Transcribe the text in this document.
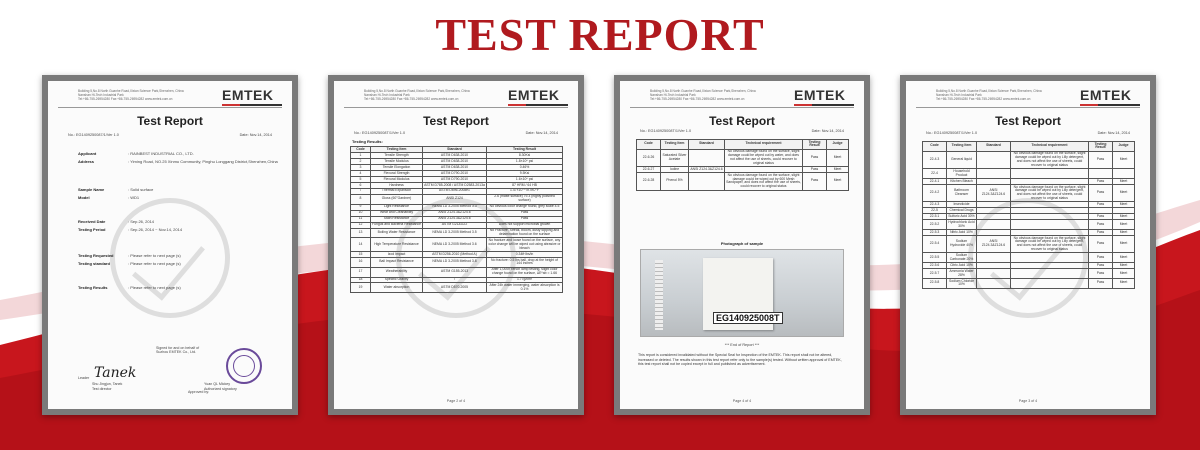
TEST REPORT
Building 5,No.8 North Guanhe Road,Xixian Science Park,Shenzhen, China
Nanshan Hi-Tech Industrial Park
Tel:+86-755-26954280 Fax:+86-755-26954282 www.emtek.com.cn	EMTEK
Test Report
No.: EG1409250087/1/Ver 1.0	Date: Nov.14, 2014
Applicant	: RAINBEST INDUSTRIAL CO., LTD.
Address	: Yiming Road, NO.25 Xinmu Community, Pinghu Longgang District,Shenzhen,China
Sample Name	: Solid surface
Model	: WD1
Received Date	: Sep.26, 2014
Testing Period	: Sep.26, 2014 ~ Nov.14, 2014
Testing Requested	: Please refer to next page (s)
Testing standard	: Please refer to next page (s)
Testing Results	: Please refer to next page (s)
Signed for and on behalf of
Suzhou EMTEK Co., Ltd.
Leader Tanek
Shu Jingjun, Tanek
Test director
Approved by:
Yuan QL Mickey
Authorized signatory
Building 5,No.8 North Guanhe Road,Xixian Science Park,Shenzhen, China
Nanshan Hi-Tech Industrial Park
Tel:+86-755-26954280 Fax:+86-755-26954282 www.emtek.com.cn	EMTEK
Test Report
No.: EG140925008T/1/Ver 1.0	Date: Nov.14, 2014
Testing Results:
Code	Testing Item	Standard	Testing Result
1	Tensile Strength	ASTM D638-2010	8.30Ksi
2	Tensile Modulus	ASTM D638-2010	1.8×10⁶ psi
3	Tensile Elongation	ASTM D638-2010	0.46%
4	Flexural Strength	ASTM D790-2010	9.5Ksi
5	Flexural Modulus	ASTM D790-2010	1.6×10⁶ psi
6	Hardness	ASTM D785-2008 / ASTM D2583-2013a	87 HRM / 64 HB
7	Thermal Expansion	ASTM D696-2008e1	1.47×10⁻⁵ in./in./°F
8	Gloss (60°Gardner)	ANSI Z124	2.6 (matte surface) 79.3 (highly polished surface)
9	Light Resistance	NEMA LD 3-2005 Method 3.3	No obvious color change found, grey scale 4.5
10	Wear and Cleanability	ANSI Z124.3&Z124.6	Pass
11	Stain Resistance	ANSI Z124.3&Z124.6	Pass
12	Fungus and Bacteria Resistance	ASTM G21&G22	Does not support microbial growth
13	Boiling Water Resistance	NEMA LD 3-2005 Method 3.5	No Fracture, Streak, bloom, dusty topping and delamination found on the surface
14	High Temperature Resistance	NEMA LD 3-2005 Method 3.6	No fracture and loose found on the surface, any color change will be wiped out using abrasive or bleach
15	Izod Impact	ASTM D256-2010 (Method A)	0.34ft·lbs/in
16	Ball Impact Resistance	NEMA LD 3-2005 Method 3.8	No fracture: 0.5 lbs ball, drop at the height of 144 inches
17	Weatherability	ASTM G155-2013	After 1,000h xenon lamp testing, slight color change found on the surface, ΔE*ab = 1.66
18	Specific Gravity	/	1.77g/cm³
19	Water absorption	ASTM D570-2005	After 24h water immerging, water absorption is 0.1%
Page 2 of 4
Building 5,No.8 North Guanhe Road,Xixian Science Park,Shenzhen, China
Nanshan Hi-Tech Industrial Park
Tel:+86-755-26954280 Fax:+86-755-26954282 www.emtek.com.cn	EMTEK
Test Report
No.: EG140925008T/1/Ver 1.0	Date: Nov.14, 2014
Code	Testing Item	Standard	Technical requirement	Testing Result	Judge
22-6.26	Saturated Silver Acetate		No obvious damage found on the surface, slight damage could be wiped out by water, and does not affect the use of sheets, could recover to original status	Pass	Meet
22-6.27	Iodine	ANSI Z124.3&Z124.6		Pass	Meet
22-6.28	Phenol 5%		No obvious damage found on the surface, slight damage could be wiped out by 600 Mesh Sandpaper, and does not affect the use of sheets, could recover to original status	Pass	Meet
Photograph of sample
EG140925008T
*** End of Report ***
This report is considered invalidated without the Special Seal for Inspection of the EMTEK. This report shall not be altered, increased or deleted. The results shown in this test report refer only to the sample(s) tested. Without written approval of EMTEK, this test report shall not be copied except in full and published as advertisement.
Page 4 of 4
Building 5,No.8 North Guanhe Road,Xixian Science Park,Shenzhen, China
Nanshan Hi-Tech Industrial Park
Tel:+86-755-26954280 Fax:+86-755-26954282 www.emtek.com.cn	EMTEK
Test Report
No.: EG140925008T/1/Ver 1.0	Date: Nov.14, 2014
Code	Testing Item	Standard	Technical requirement	Testing Result	Judge
22-4.3	General liquid		No obvious damage found on the surface, slight damage could be wiped out by Lilly detergent, and does not affect the use of sheets, could recover to original status	Pass	Meet
22-4	Household Product				
22-4.1	Kitchen Bleach			Pass	Meet
22-4.2	Bathroom Cleanser	ANSI Z124.3&Z124.6	No obvious damage found on the surface, slight damage could be wiped out by Lilly detergent, and does not affect the use of sheets, could recover to original status	Pass	Meet
22-4.3	Insecticide			Pass	Meet
22-5	Chemical Drugs				
22-5.1	Sulfuric Acid 30%			Pass	Meet
22-5.2	Hydrochloric Acid 30%			Pass	Meet
22-5.3	Nitric Acid 10%			Pass	Meet
22-5.4	Sodium Hydroxide 40%	ANSI Z124.3&Z124.6	No obvious damage found on the surface, slight damage could be wiped out by Lilly detergent, and does not affect the use of sheets, could recover to original status	Pass	Meet
22-5.5	Sodium Carbonate 20%			Pass	Meet
22-5.6	Citric Acid 10%			Pass	Meet
22-5.7	Ammonia Water 28%			Pass	Meet
22-5.8	Sodium Chloride 10%			Pass	Meet
Page 3 of 4
